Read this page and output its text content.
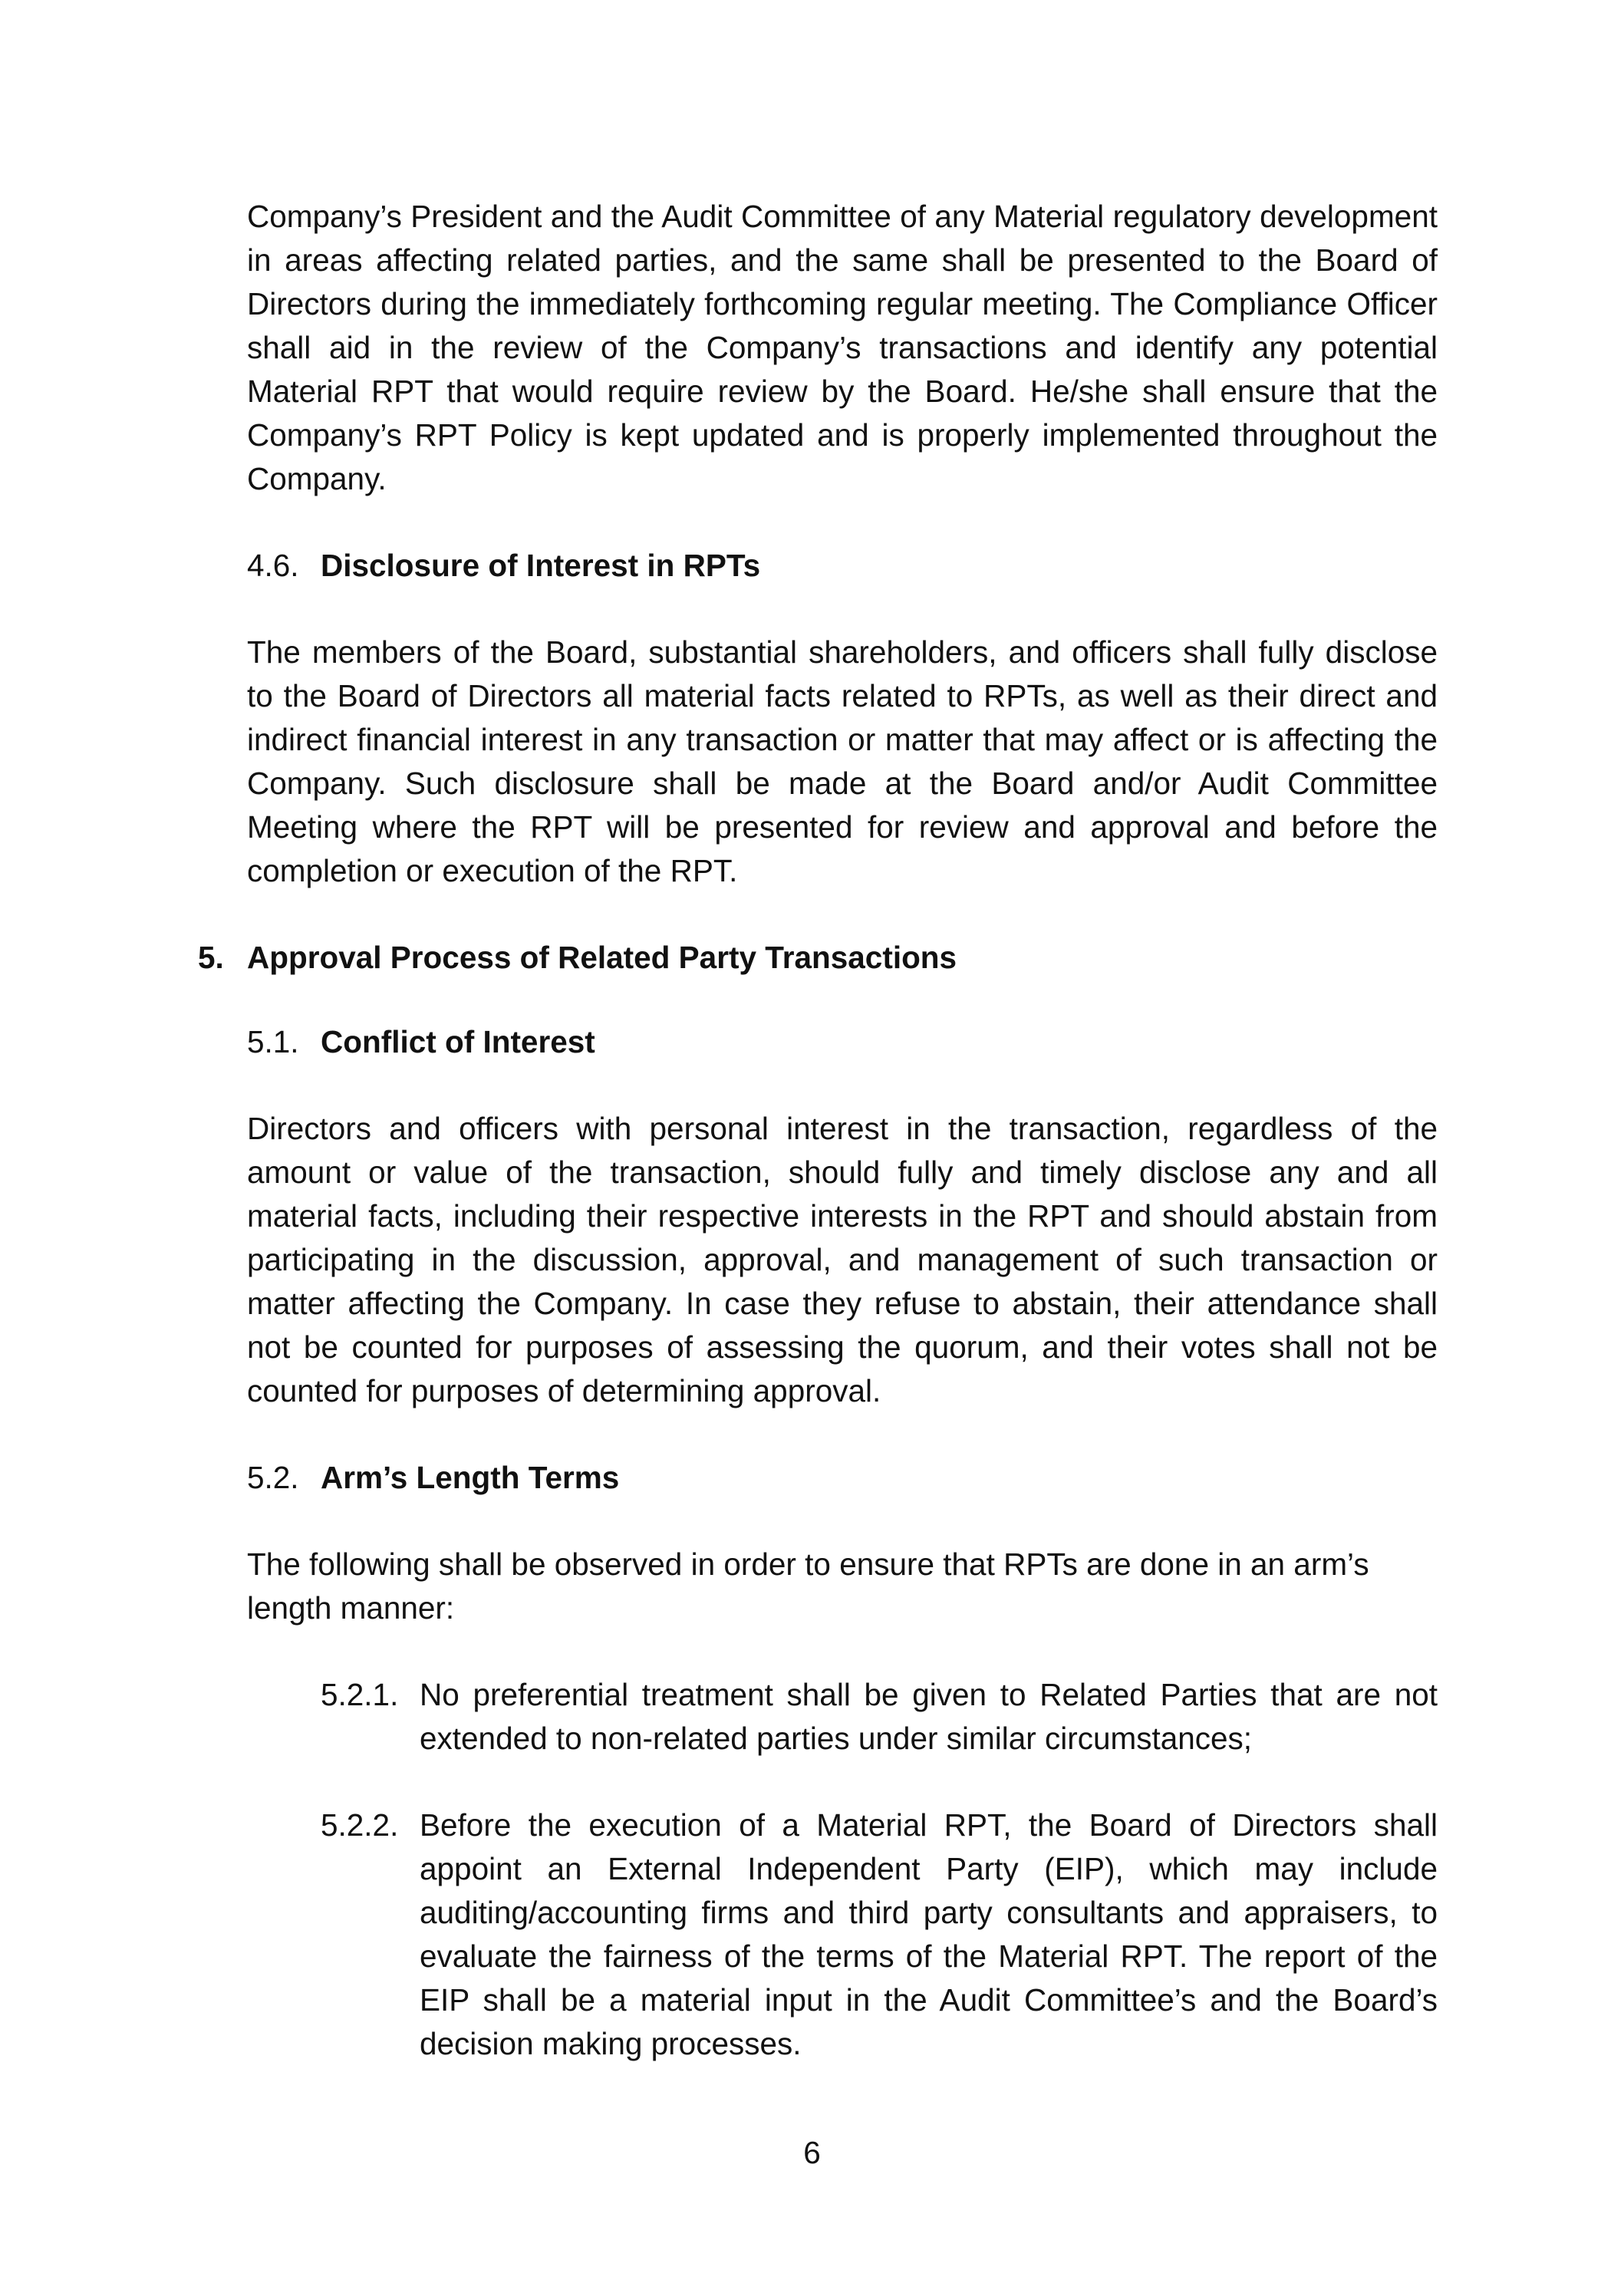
Company’s President and the Audit Committee of any Material regulatory development in areas affecting related parties, and the same shall be presented to the Board of Directors during the immediately forthcoming regular meeting. The Compliance Officer shall aid in the review of the Company’s transactions and identify any potential Material RPT that would require review by the Board. He/she shall ensure that the Company’s RPT Policy is kept updated and is properly implemented throughout the Company.

4.6. Disclosure of Interest in RPTs

The members of the Board, substantial shareholders, and officers shall fully disclose to the Board of Directors all material facts related to RPTs, as well as their direct and indirect financial interest in any transaction or matter that may affect or is affecting the Company. Such disclosure shall be made at the Board and/or Audit Committee Meeting where the RPT will be presented for review and approval and before the completion or execution of the RPT.

5. Approval Process of Related Party Transactions

5.1. Conflict of Interest

Directors and officers with personal interest in the transaction, regardless of the amount or value of the transaction, should fully and timely disclose any and all material facts, including their respective interests in the RPT and should abstain from participating in the discussion, approval, and management of such transaction or matter affecting the Company. In case they refuse to abstain, their attendance shall not be counted for purposes of assessing the quorum, and their votes shall not be counted for purposes of determining approval.

5.2. Arm’s Length Terms

The following shall be observed in order to ensure that RPTs are done in an arm’s length manner:

5.2.1. No preferential treatment shall be given to Related Parties that are not extended to non-related parties under similar circumstances;
5.2.2. Before the execution of a Material RPT, the Board of Directors shall appoint an External Independent Party (EIP), which may include auditing/accounting firms and third party consultants and appraisers, to evaluate the fairness of the terms of the Material RPT. The report of the EIP shall be a material input in the Audit Committee’s and the Board’s decision making processes.

6
